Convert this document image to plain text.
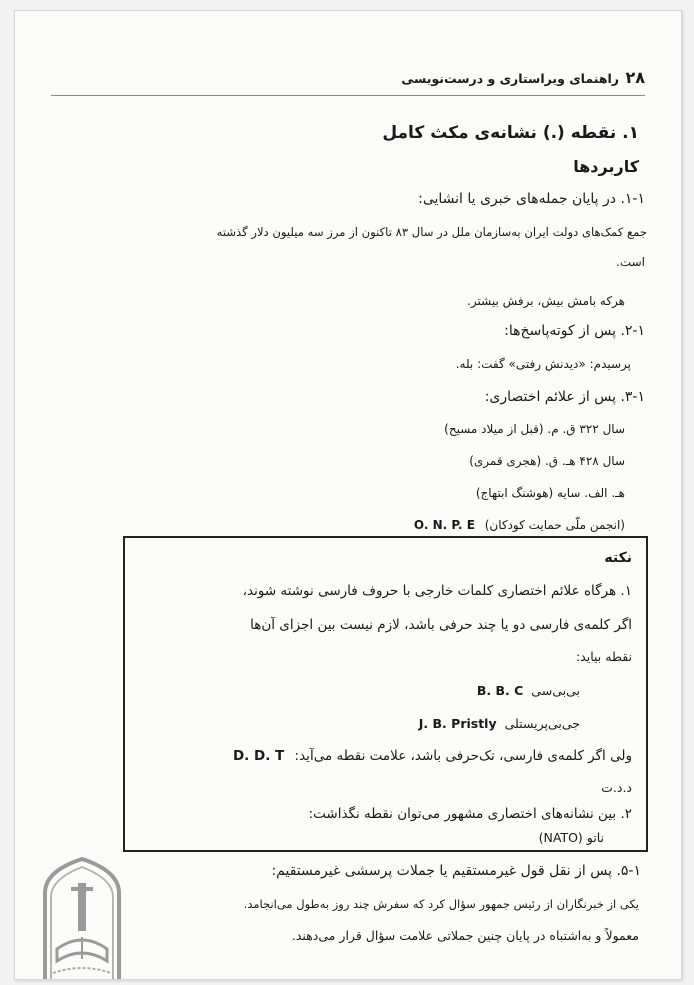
۲۸
راهنمای ویراستاری و درست‌نویسی
۱. نقطه (.) نشانه‌ی مکث کامل
کاربردها
۱-۱. در پایان جمله‌های خبری یا انشایی:
جمع کمک‌های دولت ایران به‌سازمان ملل در سال ۸۳ تاکنون از مرز سه میلیون دلار گذشته
است.
هرکه بامش بیش، برفش بیشتر.
۲-۱. پس از کوته‌پاسخ‌ها:
پرسیدم: «دیدنش رفتی» گفت: بله.
۳-۱. پس از علائم اختصاری:
سال ۳۲۲ ق. م. (قبل از میلاد مسیح)
سال ۴۲۸ هـ. ق. (هجری قمری)
هـ. الف. سایه (هوشنگ ابتهاج)
(انجمن ملّی حمایت کودکان) O. N. P. E
نکته
۱. هرگاه علائم اختصاری کلمات خارجی با حروف فارسی نوشته شوند،
اگر کلمه‌ی فارسی دو یا چند حرفی باشد، لازم نیست بین اجزای آن‌ها
نقطه بیاید:
بی‌بی‌سی B. B. C
جی‌بی‌پریستلی J. B. Pristly
ولی اگر کلمه‌ی فارسی، تک‌حرفی باشد، علامت نقطه می‌آید: D. D. T
د.د.ت
۲. بین نشانه‌های اختصاری مشهور می‌توان نقطه نگذاشت:
ناتو (NATO)
۵-۱. پس از نقل قول غیرمستقیم یا جملات پرسشی غیرمستقیم:
یکی از خبرنگاران از رئیس جمهور سؤال کرد که سفرش چند روز به‌طول می‌انجامد.
معمولاً و به‌اشتباه در پایان چنین جملاتی علامت سؤال قرار می‌دهند.
